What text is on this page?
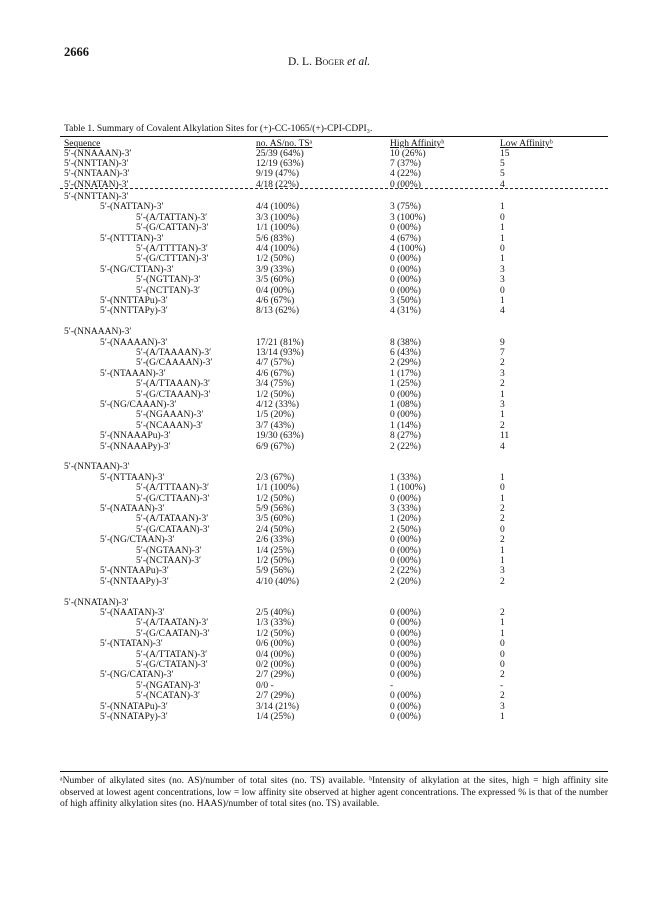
2666
D. L. Boger et al.
Table 1. Summary of Covalent Alkylation Sites for (+)-CC-1065/(+)-CPI-CDPI₃.
Sequence	no. AS/no. TSᵃ	High Affinityᵇ	Low Affinityᵇ
5′-(NNAAAN)-3′	25/39 (64%)	10 (26%)	15
5′-(NNTTAN)-3′	12/19 (63%)	7 (37%)	5
5′-(NNTAAN)-3′	9/19 (47%)	4 (22%)	5
5′-(NNATAN)-3′	4/18 (22%)	0 (00%)	4
5′-(NNTTAN)-3′
5′-(NATTAN)-3′	4/4 (100%)	3 (75%)	1
5′-(A/TATTAN)-3′	3/3 (100%)	3 (100%)	0
5′-(G/CATTAN)-3′	1/1 (100%)	0 (00%)	1
5′-(NTTTAN)-3′	5/6 (83%)	4 (67%)	1
5′-(A/TTTTAN)-3′	4/4 (100%)	4 (100%)	0
5′-(G/CTTTAN)-3′	1/2 (50%)	0 (00%)	1
5′-(NG/CTTAN)-3′	3/9 (33%)	0 (00%)	3
5′-(NGTTAN)-3′	3/5 (60%)	0 (00%)	3
5′-(NCTTAN)-3′	0/4 (00%)	0 (00%)	0
5′-(NNTTAPu)-3′	4/6 (67%)	3 (50%)	1
5′-(NNTTAPy)-3′	8/13 (62%)	4 (31%)	4
5′-(NNAAAN)-3′
5′-(NAAAAN)-3′	17/21 (81%)	8 (38%)	9
5′-(A/TAAAAN)-3′	13/14 (93%)	6 (43%)	7
5′-(G/CAAAAN)-3′	4/7 (57%)	2 (29%)	2
5′-(NTAAAN)-3′	4/6 (67%)	1 (17%)	3
5′-(A/TTAAAN)-3′	3/4 (75%)	1 (25%)	2
5′-(G/CTAAAN)-3′	1/2 (50%)	0 (00%)	1
5′-(NG/CAAAN)-3′	4/12 (33%)	1 (08%)	3
5′-(NGAAAN)-3′	1/5 (20%)	0 (00%)	1
5′-(NCAAAN)-3′	3/7 (43%)	1 (14%)	2
5′-(NNAAAPu)-3′	19/30 (63%)	8 (27%)	11
5′-(NNAAAPy)-3′	6/9 (67%)	2 (22%)	4
5′-(NNTAAN)-3′
5′-(NTTAAN)-3′	2/3 (67%)	1 (33%)	1
5′-(A/TTTAAN)-3′	1/1 (100%)	1 (100%)	0
5′-(G/CTTAAN)-3′	1/2 (50%)	0 (00%)	1
5′-(NATAAN)-3′	5/9 (56%)	3 (33%)	2
5′-(A/TATAAN)-3′	3/5 (60%)	1 (20%)	2
5′-(G/CATAAN)-3′	2/4 (50%)	2 (50%)	0
5′-(NG/CTAAN)-3′	2/6 (33%)	0 (00%)	2
5′-(NGTAAN)-3′	1/4 (25%)	0 (00%)	1
5′-(NCTAAN)-3′	1/2 (50%)	0 (00%)	1
5′-(NNTAAPu)-3′	5/9 (56%)	2 (22%)	3
5′-(NNTAAPy)-3′	4/10 (40%)	2 (20%)	2
5′-(NNATAN)-3′
5′-(NAATAN)-3′	2/5 (40%)	0 (00%)	2
5′-(A/TAATAN)-3′	1/3 (33%)	0 (00%)	1
5′-(G/CAATAN)-3′	1/2 (50%)	0 (00%)	1
5′-(NTATAN)-3′	0/6 (00%)	0 (00%)	0
5′-(A/TTATAN)-3′	0/4 (00%)	0 (00%)	0
5′-(G/CTATAN)-3′	0/2 (00%)	0 (00%)	0
5′-(NG/CATAN)-3′	2/7 (29%)	0 (00%)	2
5′-(NGATAN)-3′	0/0 -	-	-
5′-(NCATAN)-3′	2/7 (29%)	0 (00%)	2
5′-(NNATAPu)-3′	3/14 (21%)	0 (00%)	3
5′-(NNATAPy)-3′	1/4 (25%)	0 (00%)	1
ᵃNumber of alkylated sites (no. AS)/number of total sites (no. TS) available. ᵇIntensity of alkylation at the sites, high = high affinity site observed at lowest agent concentrations, low = low affinity site observed at higher agent concentrations. The expressed % is that of the number of high affinity alkylation sites (no. HAAS)/number of total sites (no. TS) available.
